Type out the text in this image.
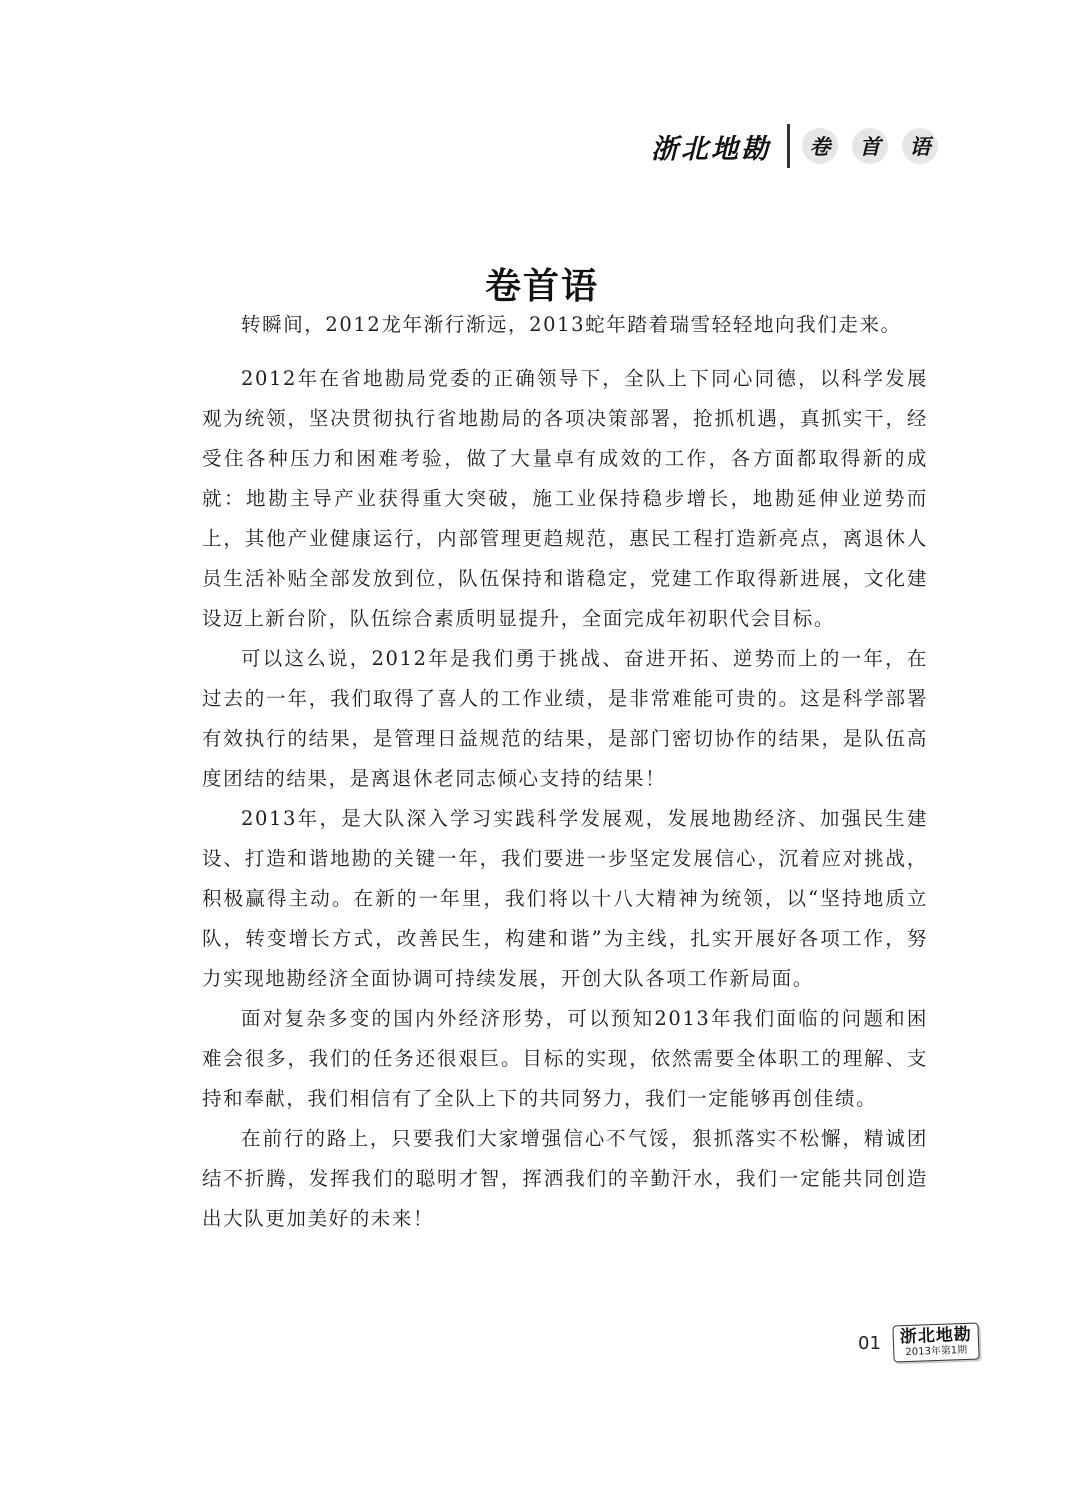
浙北地勘	卷	首	语
卷首语

转瞬间，2012龙年渐行渐远，2013蛇年踏着瑞雪轻轻地向我们走来。

2012年在省地勘局党委的正确领导下，全队上下同心同德，以科学发展观为统领，坚决贯彻执行省地勘局的各项决策部署，抢抓机遇，真抓实干，经受住各种压力和困难考验，做了大量卓有成效的工作，各方面都取得新的成就：地勘主导产业获得重大突破，施工业保持稳步增长，地勘延伸业逆势而上，其他产业健康运行，内部管理更趋规范，惠民工程打造新亮点，离退休人员生活补贴全部发放到位，队伍保持和谐稳定，党建工作取得新进展，文化建设迈上新台阶，队伍综合素质明显提升，全面完成年初职代会目标。

可以这么说，2012年是我们勇于挑战、奋进开拓、逆势而上的一年，在过去的一年，我们取得了喜人的工作业绩，是非常难能可贵的。这是科学部署有效执行的结果，是管理日益规范的结果，是部门密切协作的结果，是队伍高度团结的结果，是离退休老同志倾心支持的结果！

2013年，是大队深入学习实践科学发展观，发展地勘经济、加强民生建设、打造和谐地勘的关键一年，我们要进一步坚定发展信心，沉着应对挑战，积极赢得主动。在新的一年里，我们将以十八大精神为统领，以“坚持地质立队，转变增长方式，改善民生，构建和谐”为主线，扎实开展好各项工作，努力实现地勘经济全面协调可持续发展，开创大队各项工作新局面。

面对复杂多变的国内外经济形势，可以预知2013年我们面临的问题和困难会很多，我们的任务还很艰巨。目标的实现，依然需要全体职工的理解、支持和奉献，我们相信有了全队上下的共同努力，我们一定能够再创佳绩。

在前行的路上，只要我们大家增强信心不气馁，狠抓落实不松懈，精诚团结不折腾，发挥我们的聪明才智，挥洒我们的辛勤汗水，我们一定能共同创造出大队更加美好的未来！

01 浙北地勘
2013年第1期
